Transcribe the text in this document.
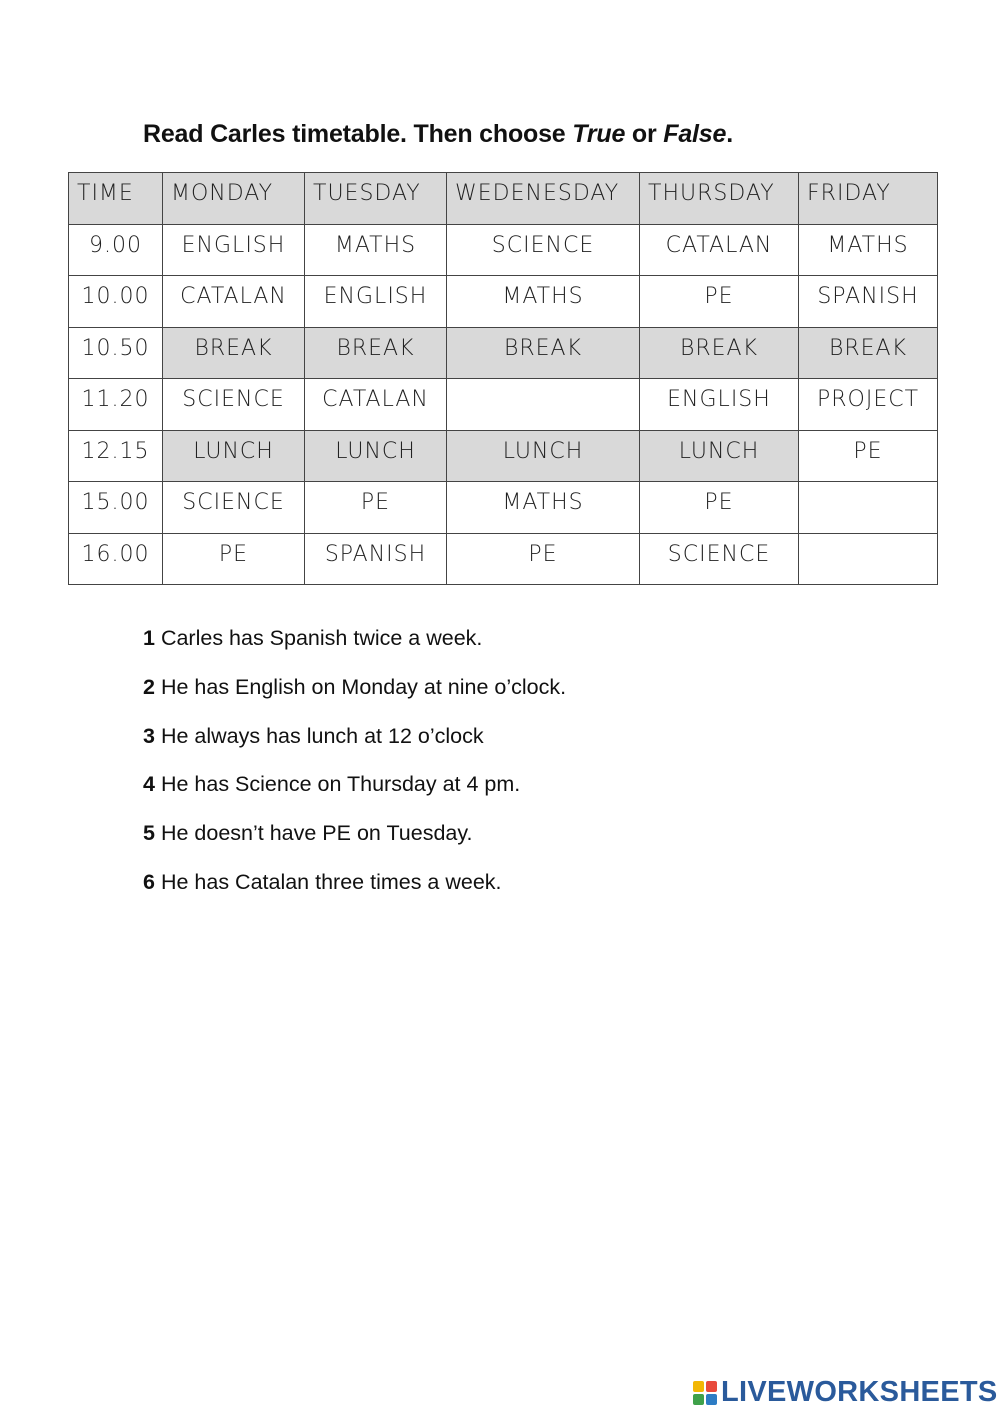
Read Carles timetable. Then choose True or False.
TIME	MONDAY	TUESDAY	WEDENESDAY	THURSDAY	FRIDAY
9.00	ENGLISH	MATHS	SCIENCE	CATALAN	MATHS
10.00	CATALAN	ENGLISH	MATHS	PE	SPANISH
10.50	BREAK	BREAK	BREAK	BREAK	BREAK
11.20	SCIENCE	CATALAN		ENGLISH	PROJECT
12.15	LUNCH	LUNCH	LUNCH	LUNCH	PE
15.00	SCIENCE	PE	MATHS	PE	
16.00	PE	SPANISH	PE	SCIENCE	
1 Carles has Spanish twice a week.
2 He has English on Monday at nine o’clock.
3 He always has lunch at 12 o’clock
4 He has Science on Thursday at 4 pm.
5 He doesn’t have PE on Tuesday.
6 He has Catalan three times a week.
LIVEWORKSHEETS
